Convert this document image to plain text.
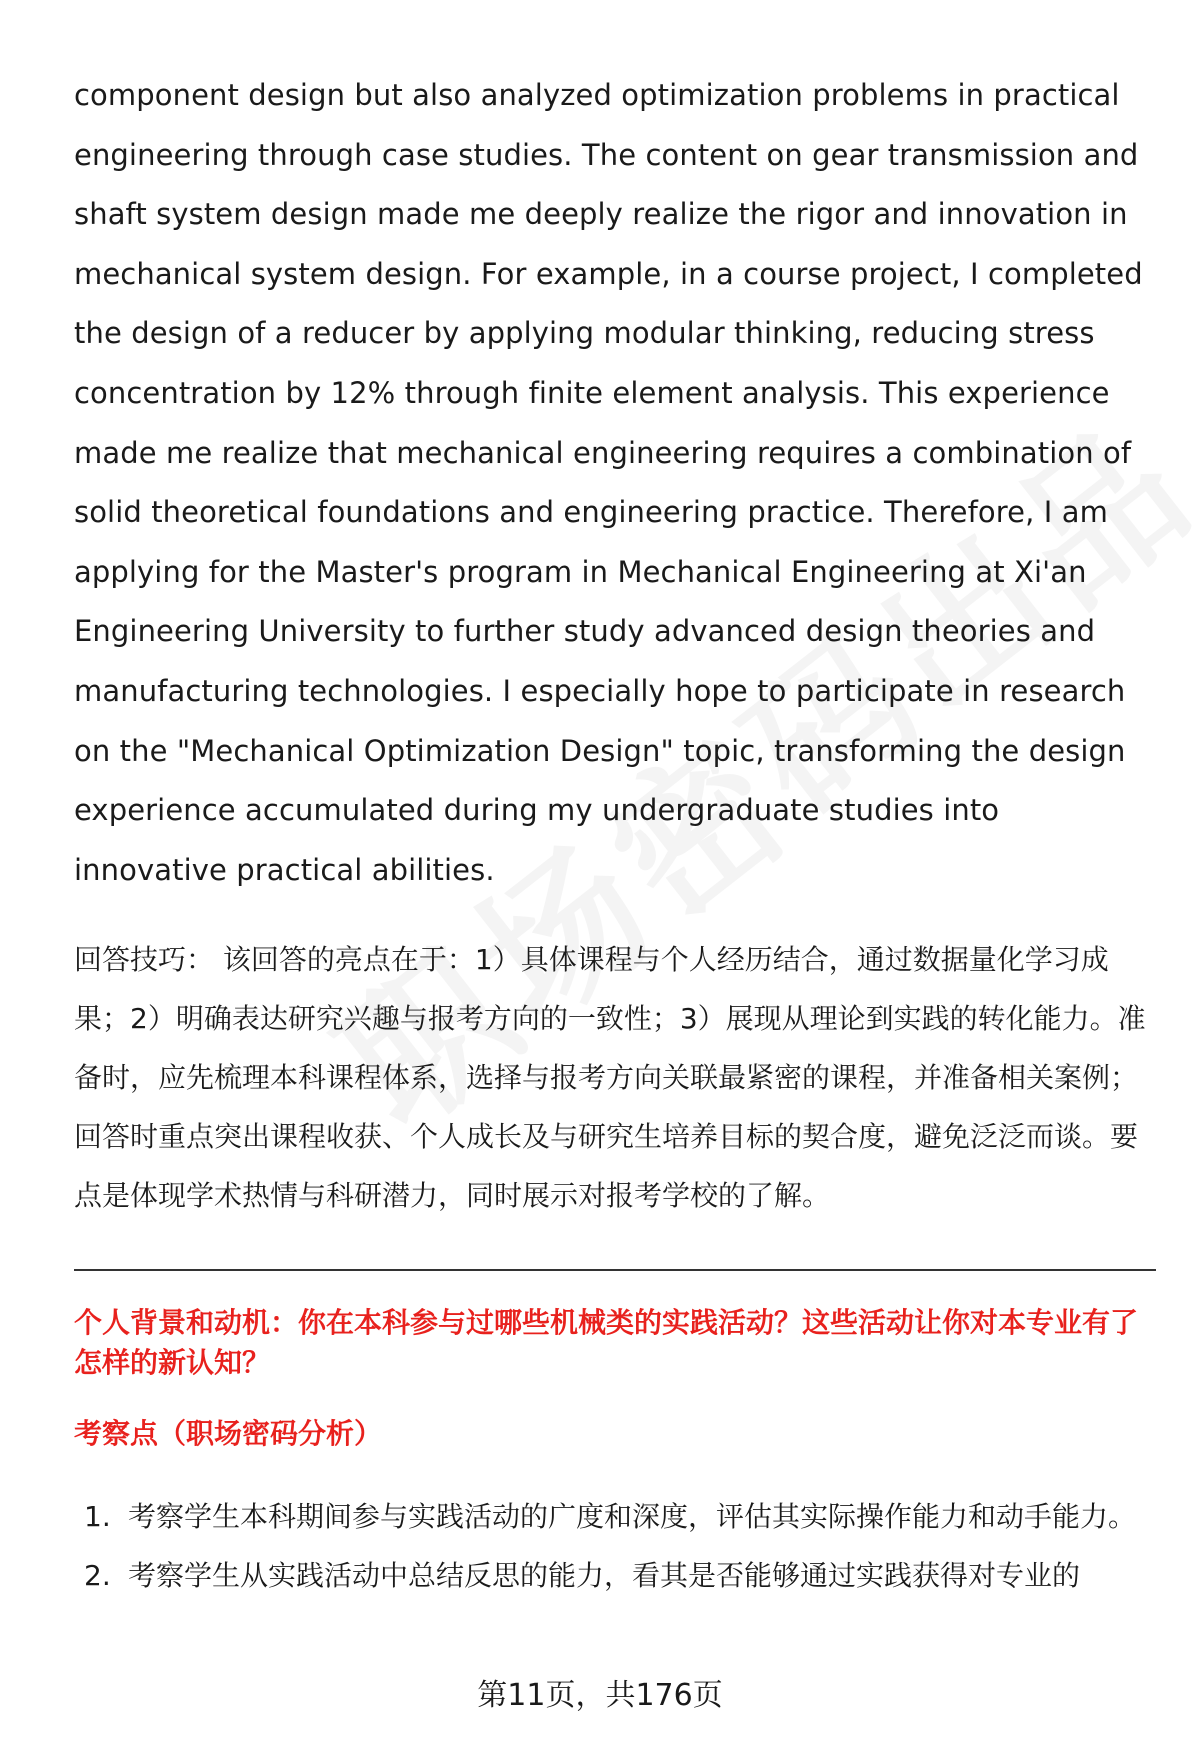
component design but also analyzed optimization problems in practical engineering through case studies. The content on gear transmission and shaft system design made me deeply realize the rigor and innovation in mechanical system design. For example, in a course project, I completed the design of a reducer by applying modular thinking, reducing stress concentration by 12% through finite element analysis. This experience made me realize that mechanical engineering requires a combination of solid theoretical foundations and engineering practice. Therefore, I am applying for the Master's program in Mechanical Engineering at Xi'an Engineering University to further study advanced design theories and manufacturing technologies. I especially hope to participate in research on the "Mechanical Optimization Design" topic, transforming the design experience accumulated during my undergraduate studies into innovative practical abilities.

回答技巧： 该回答的亮点在于：1）具体课程与个人经历结合，通过数据量化学习成果；2）明确表达研究兴趣与报考方向的一致性；3）展现从理论到实践的转化能力。准备时，应先梳理本科课程体系，选择与报考方向关联最紧密的课程，并准备相关案例；回答时重点突出课程收获、个人成长及与研究生培养目标的契合度，避免泛泛而谈。要点是体现学术热情与科研潜力，同时展示对报考学校的了解。

个人背景和动机：你在本科参与过哪些机械类的实践活动？这些活动让你对本专业有了怎样的新认知？

考察点（职场密码分析）

1. 考察学生本科期间参与实践活动的广度和深度，评估其实际操作能力和动手能力。
2. 考察学生从实践活动中总结反思的能力，看其是否能够通过实践获得对专业的
第11页，共176页
